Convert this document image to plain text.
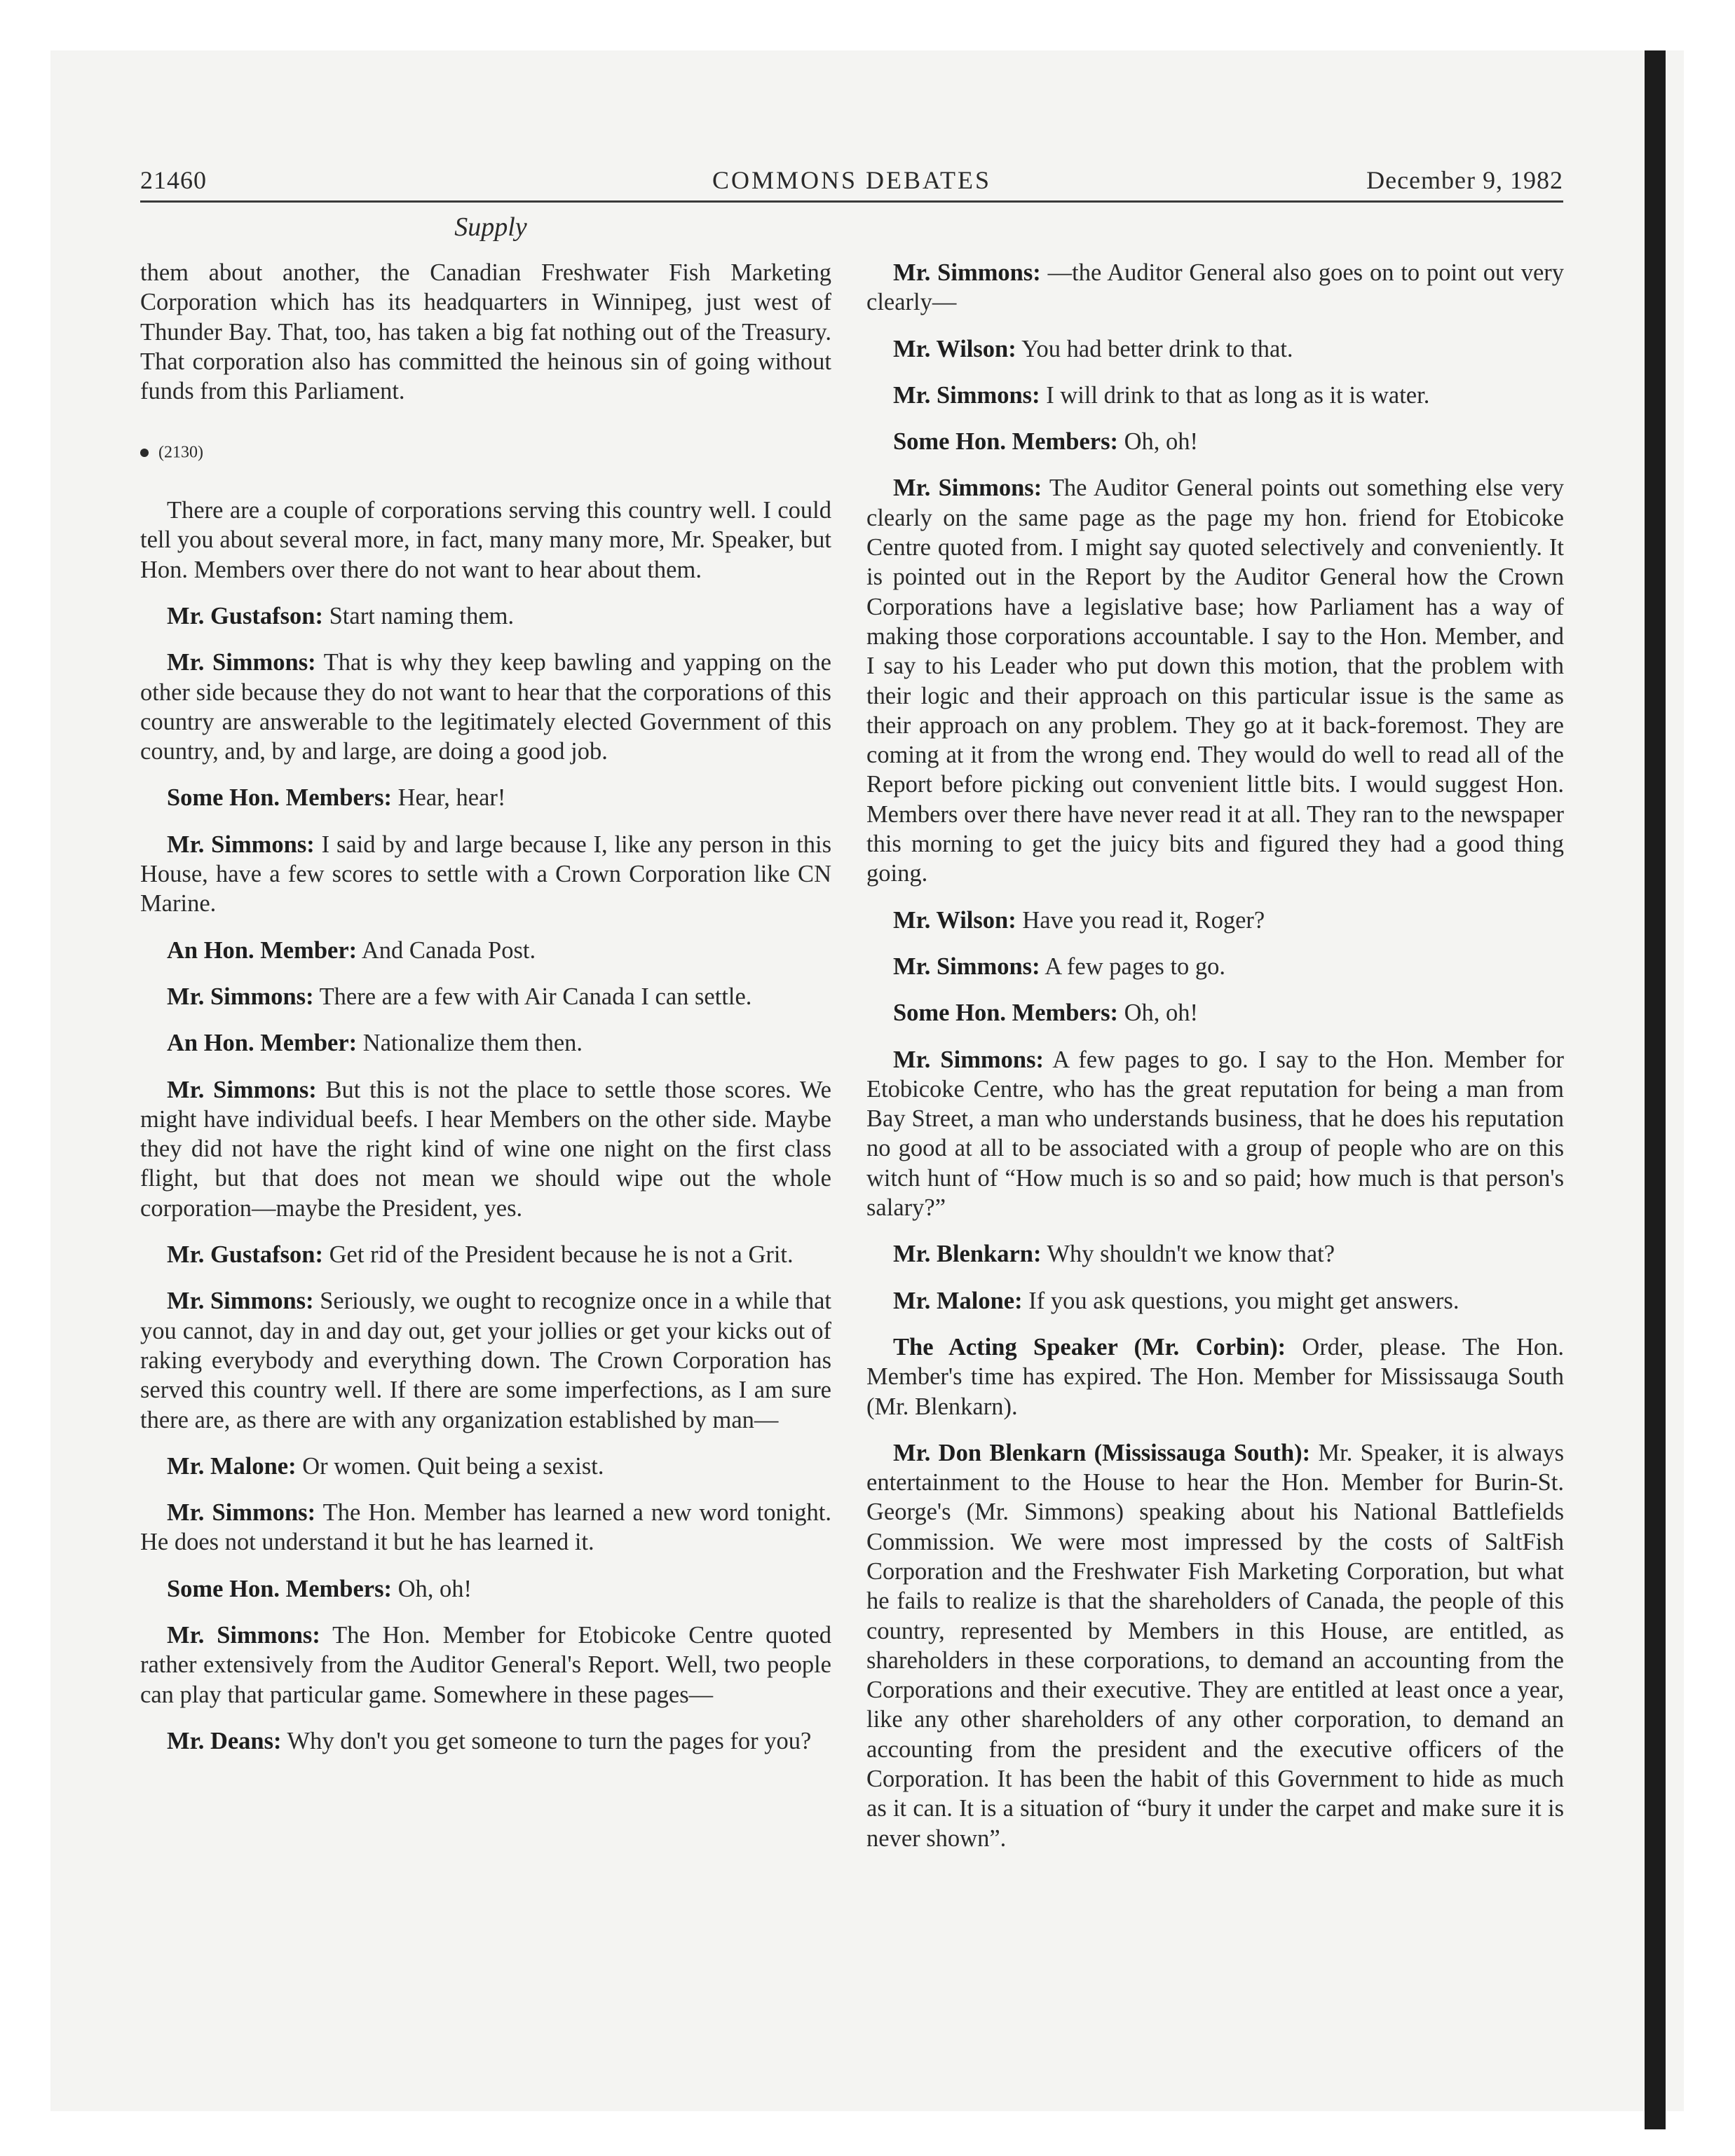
21460	COMMONS DEBATES	December 9, 1982
Supply

them about another, the Canadian Freshwater Fish Marketing Corporation which has its headquarters in Winnipeg, just west of Thunder Bay. That, too, has taken a big fat nothing out of the Treasury. That corporation also has committed the heinous sin of going without funds from this Parliament.

(2130)

There are a couple of corporations serving this country well. I could tell you about several more, in fact, many many more, Mr. Speaker, but Hon. Members over there do not want to hear about them.

Mr. Gustafson: Start naming them.

Mr. Simmons: That is why they keep bawling and yapping on the other side because they do not want to hear that the corporations of this country are answerable to the legitimately elected Government of this country, and, by and large, are doing a good job.

Some Hon. Members: Hear, hear!

Mr. Simmons: I said by and large because I, like any person in this House, have a few scores to settle with a Crown Corporation like CN Marine.

An Hon. Member: And Canada Post.

Mr. Simmons: There are a few with Air Canada I can settle.

An Hon. Member: Nationalize them then.

Mr. Simmons: But this is not the place to settle those scores. We might have individual beefs. I hear Members on the other side. Maybe they did not have the right kind of wine one night on the first class flight, but that does not mean we should wipe out the whole corporation—maybe the President, yes.

Mr. Gustafson: Get rid of the President because he is not a Grit.

Mr. Simmons: Seriously, we ought to recognize once in a while that you cannot, day in and day out, get your jollies or get your kicks out of raking everybody and everything down. The Crown Corporation has served this country well. If there are some imperfections, as I am sure there are, as there are with any organization established by man—

Mr. Malone: Or women. Quit being a sexist.

Mr. Simmons: The Hon. Member has learned a new word tonight. He does not understand it but he has learned it.

Some Hon. Members: Oh, oh!

Mr. Simmons: The Hon. Member for Etobicoke Centre quoted rather extensively from the Auditor General's Report. Well, two people can play that particular game. Somewhere in these pages—

Mr. Deans: Why don't you get someone to turn the pages for you?

Mr. Simmons: —the Auditor General also goes on to point out very clearly—

Mr. Wilson: You had better drink to that.

Mr. Simmons: I will drink to that as long as it is water.

Some Hon. Members: Oh, oh!

Mr. Simmons: The Auditor General points out something else very clearly on the same page as the page my hon. friend for Etobicoke Centre quoted from. I might say quoted selectively and conveniently. It is pointed out in the Report by the Auditor General how the Crown Corporations have a legislative base; how Parliament has a way of making those corporations accountable. I say to the Hon. Member, and I say to his Leader who put down this motion, that the problem with their logic and their approach on this particular issue is the same as their approach on any problem. They go at it back-foremost. They are coming at it from the wrong end. They would do well to read all of the Report before picking out convenient little bits. I would suggest Hon. Members over there have never read it at all. They ran to the newspaper this morning to get the juicy bits and figured they had a good thing going.

Mr. Wilson: Have you read it, Roger?

Mr. Simmons: A few pages to go.

Some Hon. Members: Oh, oh!

Mr. Simmons: A few pages to go. I say to the Hon. Member for Etobicoke Centre, who has the great reputation for being a man from Bay Street, a man who understands business, that he does his reputation no good at all to be associated with a group of people who are on this witch hunt of “How much is so and so paid; how much is that person's salary?”

Mr. Blenkarn: Why shouldn't we know that?

Mr. Malone: If you ask questions, you might get answers.

The Acting Speaker (Mr. Corbin): Order, please. The Hon. Member's time has expired. The Hon. Member for Mississauga South (Mr. Blenkarn).

Mr. Don Blenkarn (Mississauga South): Mr. Speaker, it is always entertainment to the House to hear the Hon. Member for Burin-St. George's (Mr. Simmons) speaking about his National Battlefields Commission. We were most impressed by the costs of SaltFish Corporation and the Freshwater Fish Marketing Corporation, but what he fails to realize is that the shareholders of Canada, the people of this country, represented by Members in this House, are entitled, as shareholders in these corporations, to demand an accounting from the Corporations and their executive. They are entitled at least once a year, like any other shareholders of any other corporation, to demand an accounting from the president and the executive officers of the Corporation. It has been the habit of this Government to hide as much as it can. It is a situation of “bury it under the carpet and make sure it is never shown”.
